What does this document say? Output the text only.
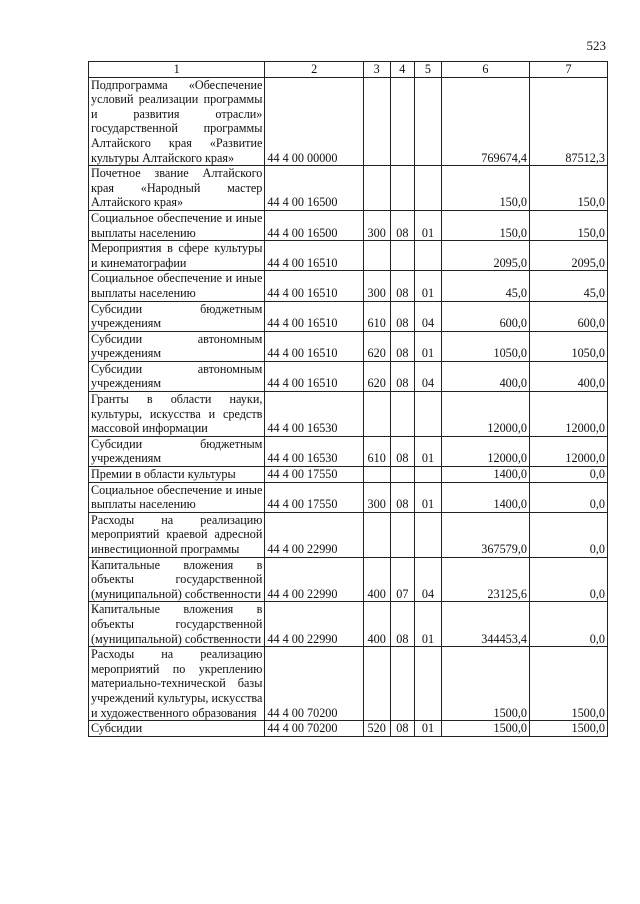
523
1	2	3	4	5	6	7
Подпрограмма «Обеспечение условий реализации программы и развития отрасли» государственной программы Алтайского края «Развитие культуры Алтайского края»	44 4 00 00000				769674,4	87512,3
Почетное звание Алтайского края «Народный мастер Алтайского края»	44 4 00 16500				150,0	150,0
Социальное обеспечение и иные выплаты населению	44 4 00 16500	300	08	01	150,0	150,0
Мероприятия в сфере культуры и кинематографии	44 4 00 16510				2095,0	2095,0
Социальное обеспечение и иные выплаты населению	44 4 00 16510	300	08	01	45,0	45,0
Субсидии бюджетным учреждениям	44 4 00 16510	610	08	04	600,0	600,0
Субсидии автономным учреждениям	44 4 00 16510	620	08	01	1050,0	1050,0
Субсидии автономным учреждениям	44 4 00 16510	620	08	04	400,0	400,0
Гранты в области науки, культуры, искусства и средств массовой информации	44 4 00 16530				12000,0	12000,0
Субсидии бюджетным учреждениям	44 4 00 16530	610	08	01	12000,0	12000,0
Премии в области культуры	44 4 00 17550				1400,0	0,0
Социальное обеспечение и иные выплаты населению	44 4 00 17550	300	08	01	1400,0	0,0
Расходы на реализацию мероприятий краевой адресной инвестиционной программы	44 4 00 22990				367579,0	0,0
Капитальные вложения в объекты государственной (муниципальной) собственности	44 4 00 22990	400	07	04	23125,6	0,0
Капитальные вложения в объекты государственной (муниципальной) собственности	44 4 00 22990	400	08	01	344453,4	0,0
Расходы на реализацию мероприятий по укреплению материально-технической базы учреждений культуры, искусства и художественного образования	44 4 00 70200				1500,0	1500,0
Субсидии	44 4 00 70200	520	08	01	1500,0	1500,0
